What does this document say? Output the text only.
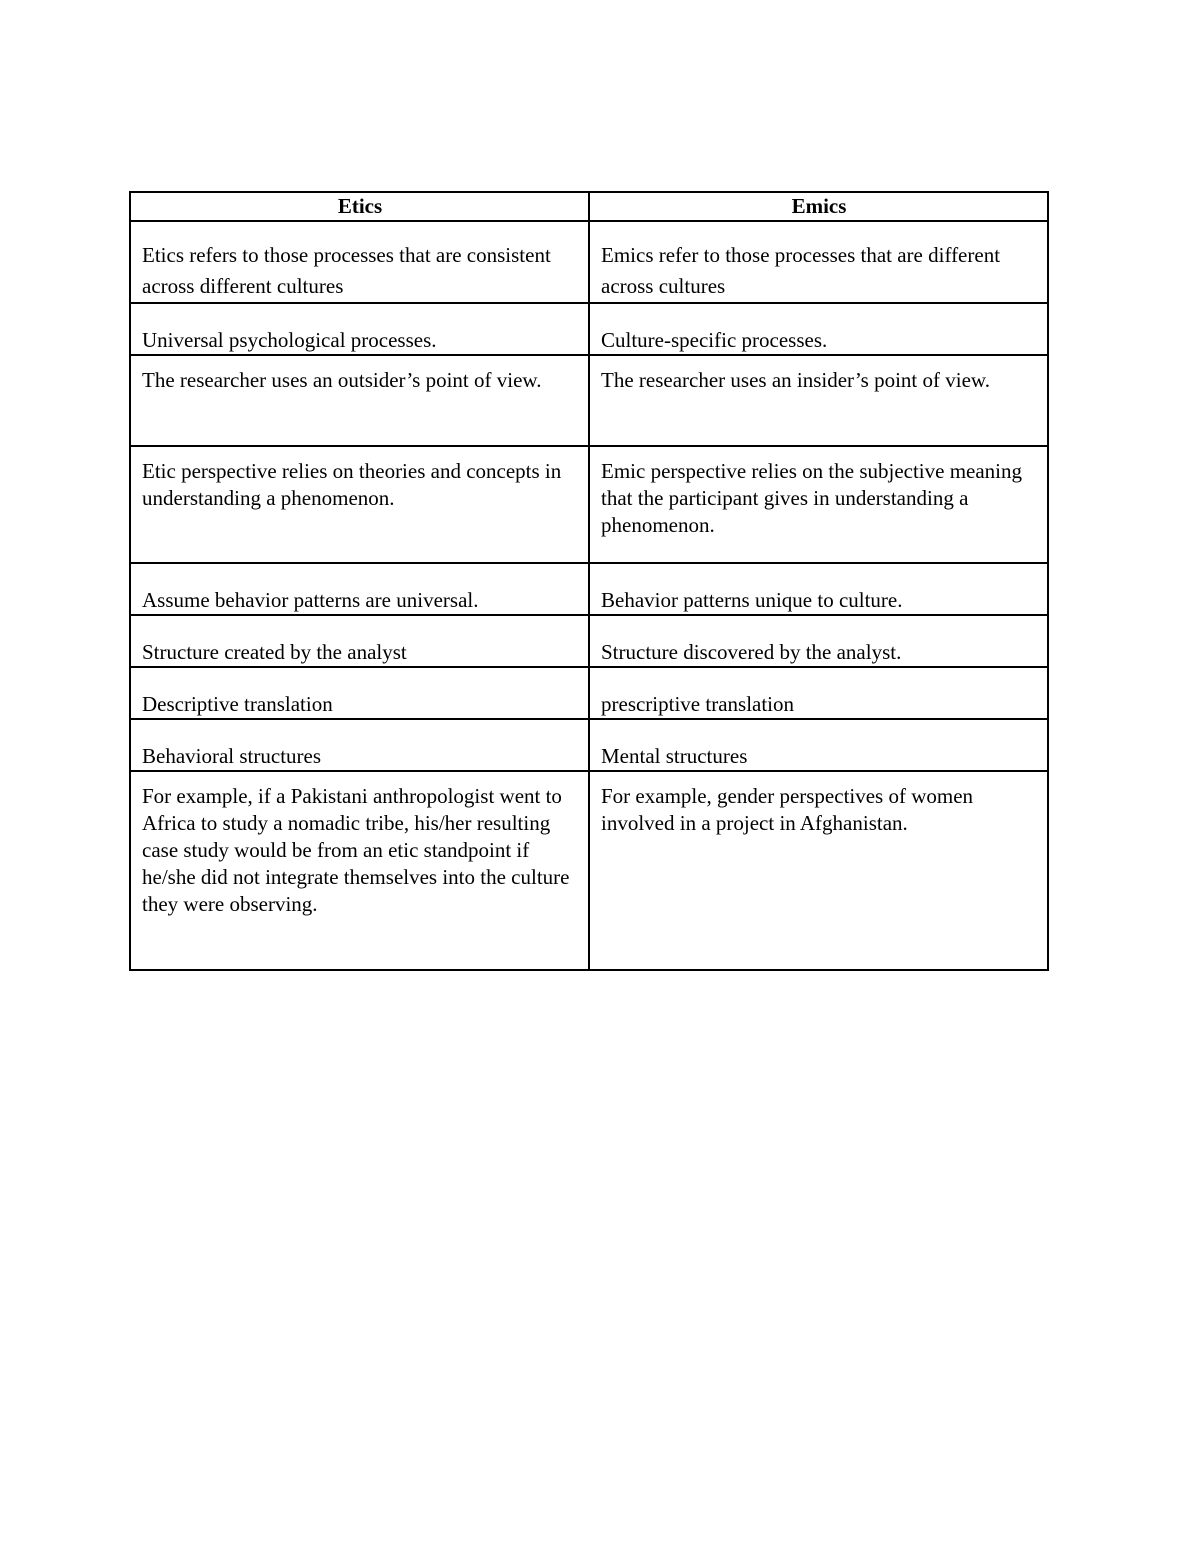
Etics	Emics

Etics refers to those processes that are consistent across different cultures	Emics refer to those processes that are different across cultures

Universal psychological processes.	Culture-specific processes.

The researcher uses an outsider’s point of view.	The researcher uses an insider’s point of view.

Etic perspective relies on theories and concepts in understanding a phenomenon.	Emic perspective relies on the subjective meaning that the participant gives in understanding a phenomenon.

Assume behavior patterns are universal.	Behavior patterns unique to culture.

Structure created by the analyst	Structure discovered by the analyst.

Descriptive translation	prescriptive translation

Behavioral structures	Mental structures

For example, if a Pakistani anthropologist went to Africa to study a nomadic tribe, his/her resulting case study would be from an etic standpoint if he/she did not integrate themselves into the culture they were observing.	For example, gender perspectives of women involved in a project in Afghanistan.
